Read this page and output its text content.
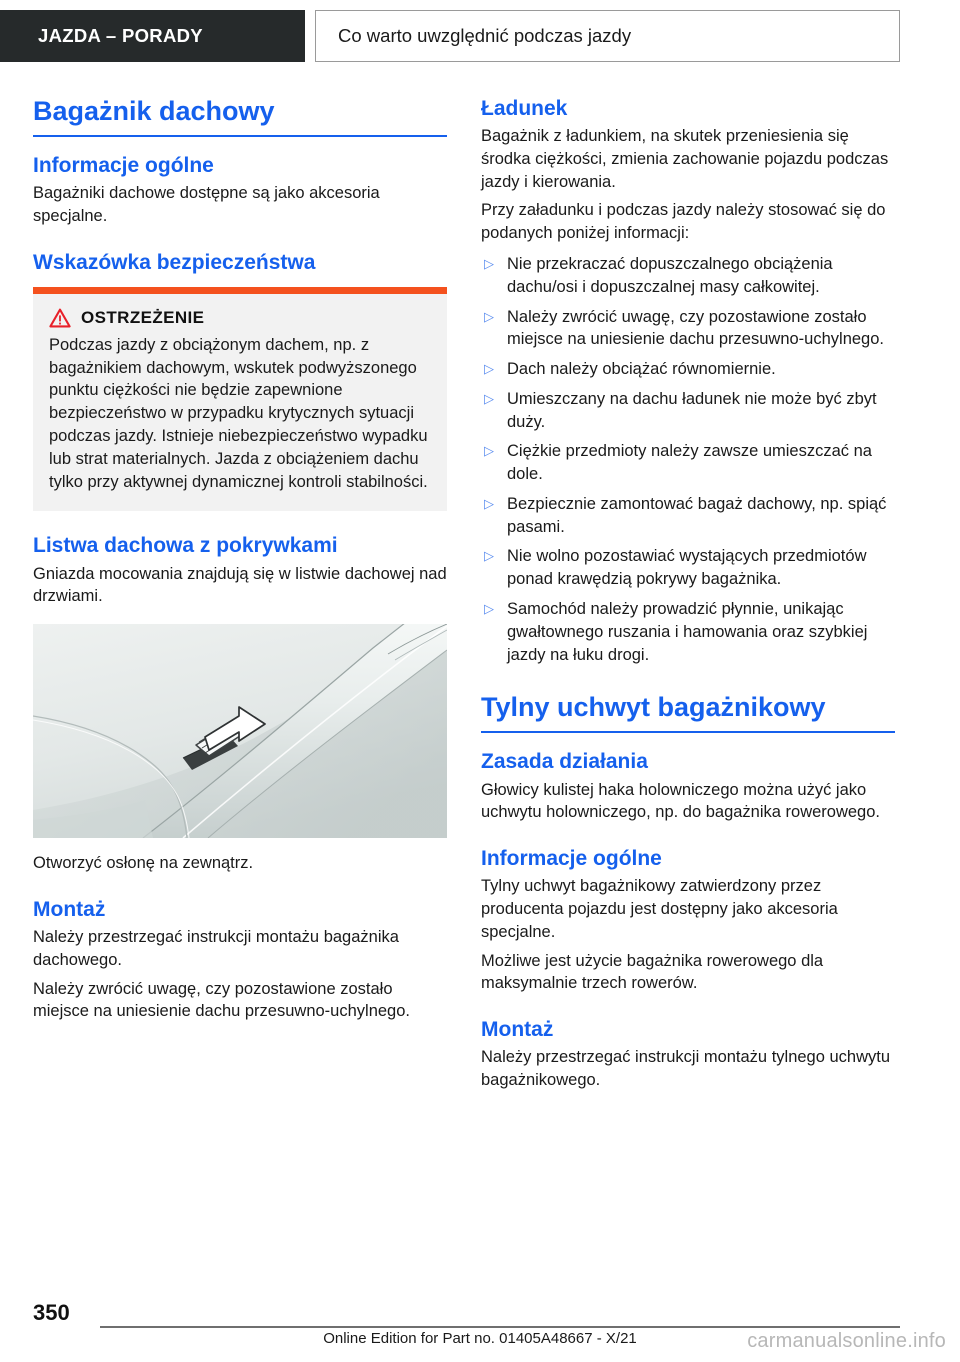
JAZDA – PORADY	Co warto uwzględnić podczas jazdy
Bagażnik dachowy
Informacje ogólne

Bagażniki dachowe dostępne są jako akcesoria specjalne.

Wskazówka bezpieczeństwa
OSTRZEŻENIE

Podczas jazdy z obciążonym dachem, np. z bagażnikiem dachowym, wskutek podwyższonego punktu ciężkości nie będzie zapewnione bezpieczeństwo w przypadku krytycznych sytuacji podczas jazdy. Istnieje niebezpieczeństwo wypadku lub strat materialnych. Jazda z obciążeniem dachu tylko przy aktywnej dynamicznej kontroli stabilności.

Listwa dachowa z pokrywkami

Gniazda mocowania znajdują się w listwie dachowej nad drzwiami.

Otworzyć osłonę na zewnątrz.

Montaż

Należy przestrzegać instrukcji montażu bagażnika dachowego.

Należy zwrócić uwagę, czy pozostawione zostało miejsce na uniesienie dachu przesuwno-uchylnego.

Ładunek

Bagażnik z ładunkiem, na skutek przeniesienia się środka ciężkości, zmienia zachowanie pojazdu podczas jazdy i kierowania.

Przy załadunku i podczas jazdy należy stosować się do podanych poniżej informacji:

▷ Nie przekraczać dopuszczalnego obciążenia dachu/osi i dopuszczalnej masy całkowitej.
▷ Należy zwrócić uwagę, czy pozostawione zostało miejsce na uniesienie dachu przesuwno-uchylnego.
▷ Dach należy obciążać równomiernie.
▷ Umieszczany na dachu ładunek nie może być zbyt duży.
▷ Ciężkie przedmioty należy zawsze umieszczać na dole.
▷ Bezpiecznie zamontować bagaż dachowy, np. spiąć pasami.
▷ Nie wolno pozostawiać wystających przedmiotów ponad krawędzią pokrywy bagażnika.
▷ Samochód należy prowadzić płynnie, unikając gwałtownego ruszania i hamowania oraz szybkiej jazdy na łuku drogi.
Tylny uchwyt bagażnikowy
Zasada działania

Głowicy kulistej haka holowniczego można użyć jako uchwytu holowniczego, np. do bagażnika rowerowego.

Informacje ogólne

Tylny uchwyt bagażnikowy zatwierdzony przez producenta pojazdu jest dostępny jako akcesoria specjalne.

Możliwe jest użycie bagażnika rowerowego dla maksymalnie trzech rowerów.

Montaż

Należy przestrzegać instrukcji montażu tylnego uchwytu bagażnikowego.

350
Online Edition for Part no. 01405A48667 - X/21	carmanualsonline.info
